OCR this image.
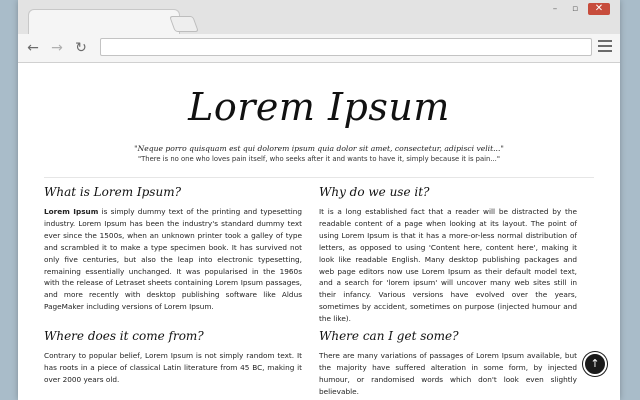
–	▫	✕
← → ↻
Lorem Ipsum
"Neque porro quisquam est qui dolorem ipsum quia dolor sit amet, consectetur, adipisci velit..."
"There is no one who loves pain itself, who seeks after it and wants to have it, simply because it is pain..."
What is Lorem Ipsum?

Lorem Ipsum is simply dummy text of the printing and typesetting industry. Lorem Ipsum has been the industry's standard dummy text ever since the 1500s, when an unknown printer took a galley of type and scrambled it to make a type specimen book. It has survived not only five centuries, but also the leap into electronic typesetting, remaining essentially unchanged. It was popularised in the 1960s with the release of Letraset sheets containing Lorem Ipsum passages, and more recently with desktop publishing software like Aldus PageMaker including versions of Lorem Ipsum.

Why do we use it?

It is a long established fact that a reader will be distracted by the readable content of a page when looking at its layout. The point of using Lorem Ipsum is that it has a more-or-less normal distribution of letters, as opposed to using 'Content here, content here', making it look like readable English. Many desktop publishing packages and web page editors now use Lorem Ipsum as their default model text, and a search for 'lorem ipsum' will uncover many web sites still in their infancy. Various versions have evolved over the years, sometimes by accident, sometimes on purpose (injected humour and the like).

Where does it come from?

Contrary to popular belief, Lorem Ipsum is not simply random text. It has roots in a piece of classical Latin literature from 45 BC, making it over 2000 years old.

Where can I get some?

There are many variations of passages of Lorem Ipsum available, but the majority have suffered alteration in some form, by injected humour, or randomised words which don't look even slightly believable.

↑
